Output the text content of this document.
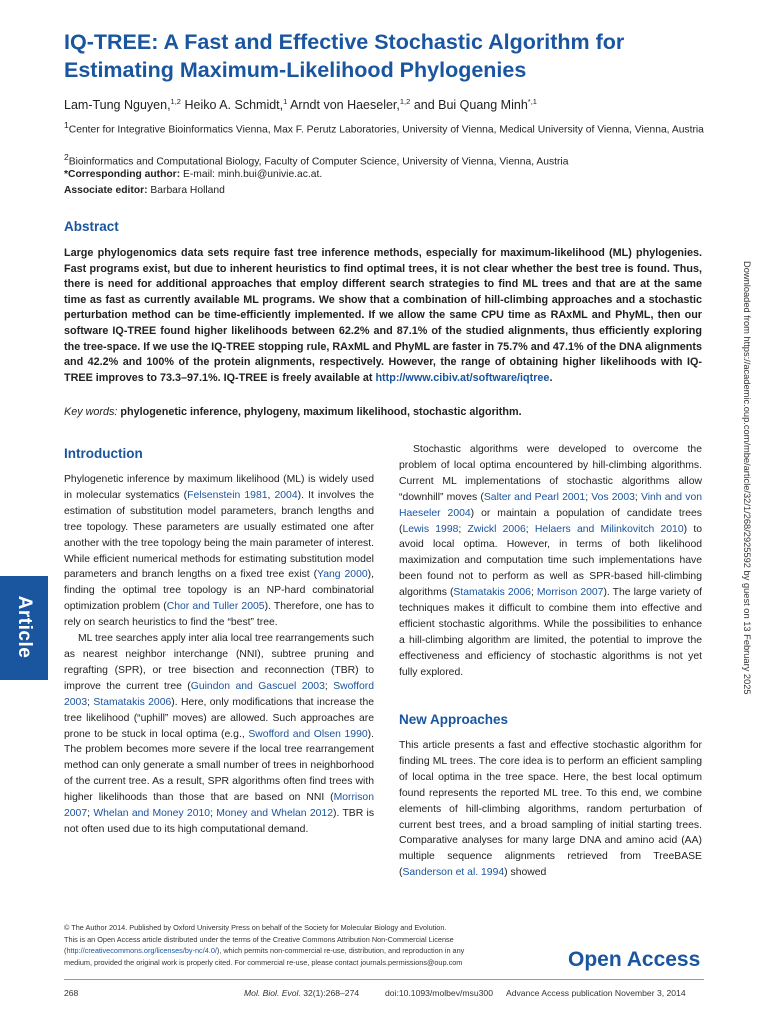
IQ-TREE: A Fast and Effective Stochastic Algorithm for Estimating Maximum-Likelihood Phylogenies
Lam-Tung Nguyen,$^{1,2}$ Heiko A. Schmidt,$^1$ Arndt von Haeseler,$^{1,2}$ and Bui Quang Minh$^{*,1}$
$^1$Center for Integrative Bioinformatics Vienna, Max F. Perutz Laboratories, University of Vienna, Medical University of Vienna, Vienna, Austria
$^2$Bioinformatics and Computational Biology, Faculty of Computer Science, University of Vienna, Vienna, Austria
*Corresponding author: E-mail: minh.bui@univie.ac.at.
Associate editor: Barbara Holland
Abstract
Large phylogenomics data sets require fast tree inference methods, especially for maximum-likelihood (ML) phylogenies. Fast programs exist, but due to inherent heuristics to find optimal trees, it is not clear whether the best tree is found. Thus, there is need for additional approaches that employ different search strategies to find ML trees and that are at the same time as fast as currently available ML programs. We show that a combination of hill-climbing approaches and a stochastic perturbation method can be time-efficiently implemented. If we allow the same CPU time as RAxML and PhyML, then our software IQ-TREE found higher likelihoods between 62.2% and 87.1% of the studied alignments, thus efficiently exploring the tree-space. If we use the IQ-TREE stopping rule, RAxML and PhyML are faster in 75.7% and 47.1% of the DNA alignments and 42.2% and 100% of the protein alignments, respectively. However, the range of obtaining higher likelihoods with IQ-TREE improves to 73.3–97.1%. IQ-TREE is freely available at http://www.cibiv.at/software/iqtree.
Key words: phylogenetic inference, phylogeny, maximum likelihood, stochastic algorithm.
Introduction
Phylogenetic inference by maximum likelihood (ML) is widely used in molecular systematics (Felsenstein 1981, 2004). It involves the estimation of substitution model parameters, branch lengths and tree topology. These parameters are usually estimated one after another with the tree topology being the main parameter of interest. While efficient numerical methods for estimating substitution model parameters and branch lengths on a fixed tree exist (Yang 2000), finding the optimal tree topology is an NP-hard combinatorial optimization problem (Chor and Tuller 2005). Therefore, one has to rely on search heuristics to find the “best” tree.
ML tree searches apply inter alia local tree rearrangements such as nearest neighbor interchange (NNI), subtree pruning and regrafting (SPR), or tree bisection and reconnection (TBR) to improve the current tree (Guindon and Gascuel 2003; Swofford 2003; Stamatakis 2006). Here, only modifications that increase the tree likelihood (“uphill” moves) are allowed. Such approaches are prone to be stuck in local optima (e.g., Swofford and Olsen 1990). The problem becomes more severe if the local tree rearrangement method can only generate a small number of trees in neighborhood of the current tree. As a result, SPR algorithms often find trees with higher likelihoods than those that are based on NNI (Morrison 2007; Whelan and Money 2010; Money and Whelan 2012). TBR is not often used due to its high computational demand.
Stochastic algorithms were developed to overcome the problem of local optima encountered by hill-climbing algorithms. Current ML implementations of stochastic algorithms allow “downhill” moves (Salter and Pearl 2001; Vos 2003; Vinh and von Haeseler 2004) or maintain a population of candidate trees (Lewis 1998; Zwickl 2006; Helaers and Milinkovitch 2010) to avoid local optima. However, in terms of both likelihood maximization and computation time such implementations have been found not to perform as well as SPR-based hill-climbing algorithms (Stamatakis 2006; Morrison 2007). The large variety of techniques makes it difficult to combine them into effective and efficient stochastic algorithms. While the possibilities to enhance a hill-climbing algorithm are limited, the potential to improve the effectiveness and efficiency of stochastic algorithms is not yet fully explored.
New Approaches
This article presents a fast and effective stochastic algorithm for finding ML trees. The core idea is to perform an efficient sampling of local optima in the tree space. Here, the best local optimum found represents the reported ML tree. To this end, we combine elements of hill-climbing algorithms, random perturbation of current best trees, and a broad sampling of initial starting trees. Comparative analyses for many large DNA and amino acid (AA) multiple sequence alignments retrieved from TreeBASE (Sanderson et al. 1994) showed
Article	Downloaded from https://academic.oup.com/mbe/article/32/1/268/2925592 by guest on 13 February 2025
© The Author 2014. Published by Oxford University Press on behalf of the Society for Molecular Biology and Evolution.
This is an Open Access article distributed under the terms of the Creative Commons Attribution Non-Commercial License
(http://creativecommons.org/licenses/by-nc/4.0/), which permits non-commercial re-use, distribution, and reproduction in any
medium, provided the original work is properly cited. For commercial re-use, please contact journals.permissions@oup.com	Open Access
268	Mol. Biol. Evol. 32(1):268–274	doi:10.1093/molbev/msu300 Advance Access publication November 3, 2014
